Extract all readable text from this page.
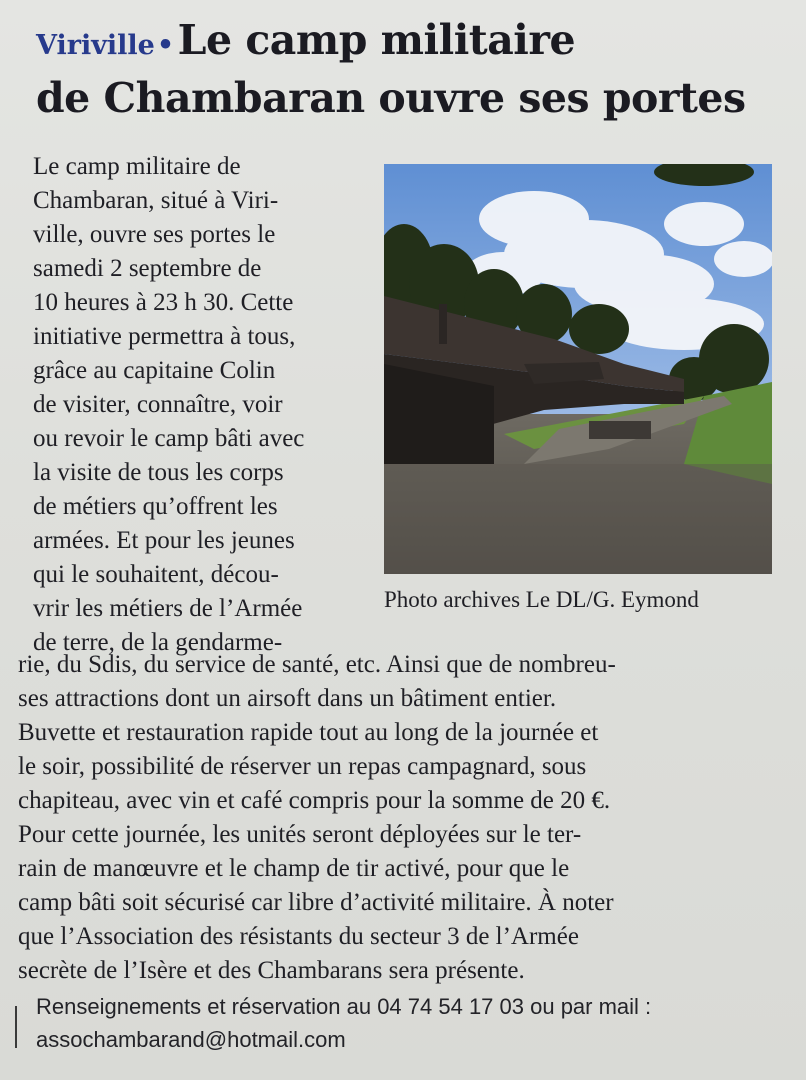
Viriville•Le camp militaire
de Chambaran ouvre ses portes
Le camp militaire de
Chambaran, situé à Viri-
ville, ouvre ses portes le
samedi 2 septembre de
10 heures à 23 h 30. Cette
initiative permettra à tous,
grâce au capitaine Colin
de visiter, connaître, voir
ou revoir le camp bâti avec
la visite de tous les corps
de métiers qu’offrent les
armées. Et pour les jeunes
qui le souhaitent, décou-
vrir les métiers de l’Armée
de terre, de la gendarme-
Photo archives Le DL/G. Eymond
rie, du Sdis, du service de santé, etc. Ainsi que de nombreu-
ses attractions dont un airsoft dans un bâtiment entier.
Buvette et restauration rapide tout au long de la journée et
le soir, possibilité de réserver un repas campagnard, sous
chapiteau, avec vin et café compris pour la somme de 20 €.
Pour cette journée, les unités seront déployées sur le ter-
rain de manœuvre et le champ de tir activé, pour que le
camp bâti soit sécurisé car libre d’activité militaire. À noter
que l’Association des résistants du secteur 3 de l’Armée
secrète de l’Isère et des Chambarans sera présente.
Renseignements et réservation au 04 74 54 17 03 ou par mail :
assochambarand@hotmail.com
